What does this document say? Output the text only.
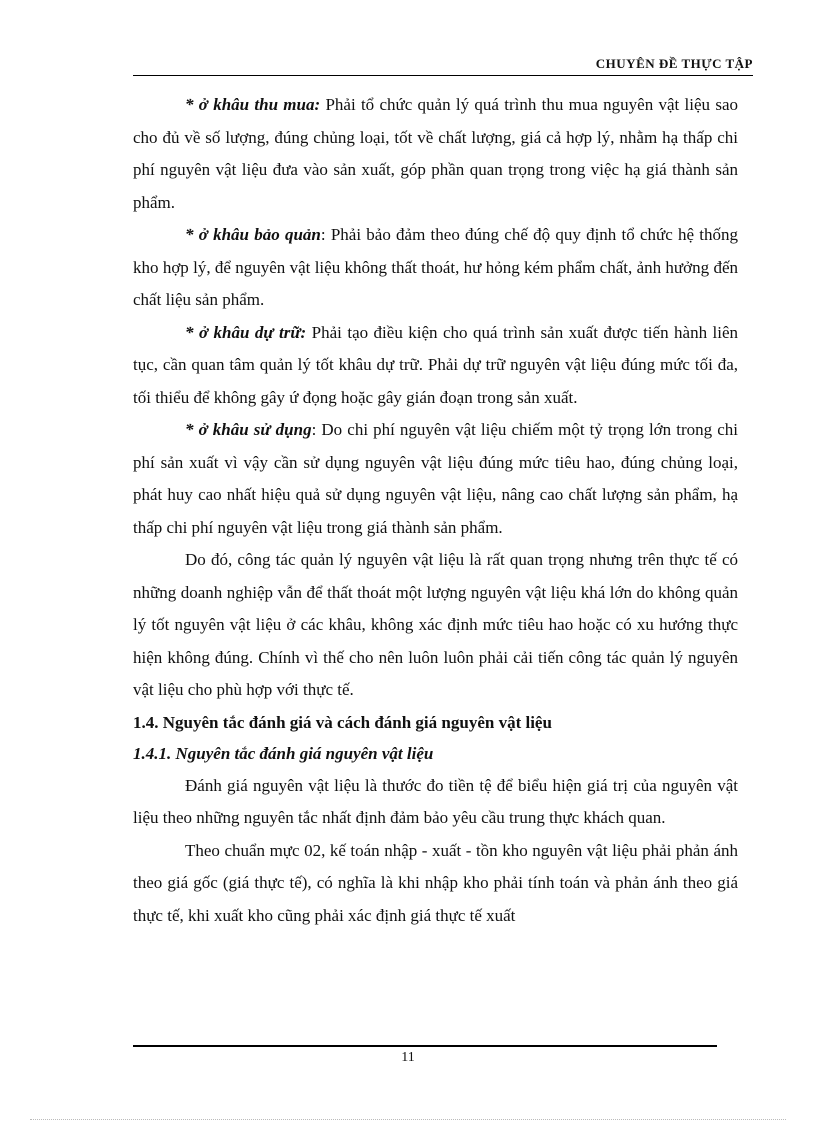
CHUYÊN ĐỀ THỰC TẬP

* ở khâu thu mua: Phải tổ chức quản lý quá trình thu mua nguyên vật liệu sao cho đủ về số lượng, đúng chủng loại, tốt về chất lượng, giá cả hợp lý, nhằm hạ thấp chi phí nguyên vật liệu đưa vào sản xuất, góp phần quan trọng trong việc hạ giá thành sản phẩm.

* ở khâu bảo quản: Phải bảo đảm theo đúng chế độ quy định tổ chức hệ thống kho hợp lý, để nguyên vật liệu không thất thoát, hư hỏng kém phẩm chất, ảnh hưởng đến chất liệu sản phẩm.

* ở khâu dự trữ: Phải tạo điều kiện cho quá trình sản xuất được tiến hành liên tục, cần quan tâm quản lý tốt khâu dự trữ. Phải dự trữ nguyên vật liệu đúng mức tối đa, tối thiểu để không gây ứ đọng hoặc gây gián đoạn trong sản xuất.

* ở khâu sử dụng: Do chi phí nguyên vật liệu chiếm một tỷ trọng lớn trong chi phí sản xuất vì vậy cần sử dụng nguyên vật liệu đúng mức tiêu hao, đúng chủng loại, phát huy cao nhất hiệu quả sử dụng nguyên vật liệu, nâng cao chất lượng sản phẩm, hạ thấp chi phí nguyên vật liệu trong giá thành sản phẩm.

Do đó, công tác quản lý nguyên vật liệu là rất quan trọng nhưng trên thực tế có những doanh nghiệp vẫn để thất thoát một lượng nguyên vật liệu khá lớn do không quản lý tốt nguyên vật liệu ở các khâu, không xác định mức tiêu hao hoặc có xu hướng thực hiện không đúng. Chính vì thế cho nên luôn luôn phải cải tiến công tác quản lý nguyên vật liệu cho phù hợp với thực tế.

1.4. Nguyên tắc đánh giá và cách đánh giá nguyên vật liệu
1.4.1. Nguyên tắc đánh giá nguyên vật liệu

Đánh giá nguyên vật liệu là thước đo tiền tệ để biểu hiện giá trị của nguyên vật liệu theo những nguyên tắc nhất định đảm bảo yêu cầu trung thực khách quan.

Theo chuẩn mực 02, kế toán nhập - xuất - tồn kho nguyên vật liệu phải phản ánh theo giá gốc (giá thực tế), có nghĩa là khi nhập kho phải tính toán và phản ánh theo giá thực tế, khi xuất kho cũng phải xác định giá thực tế xuất

11
